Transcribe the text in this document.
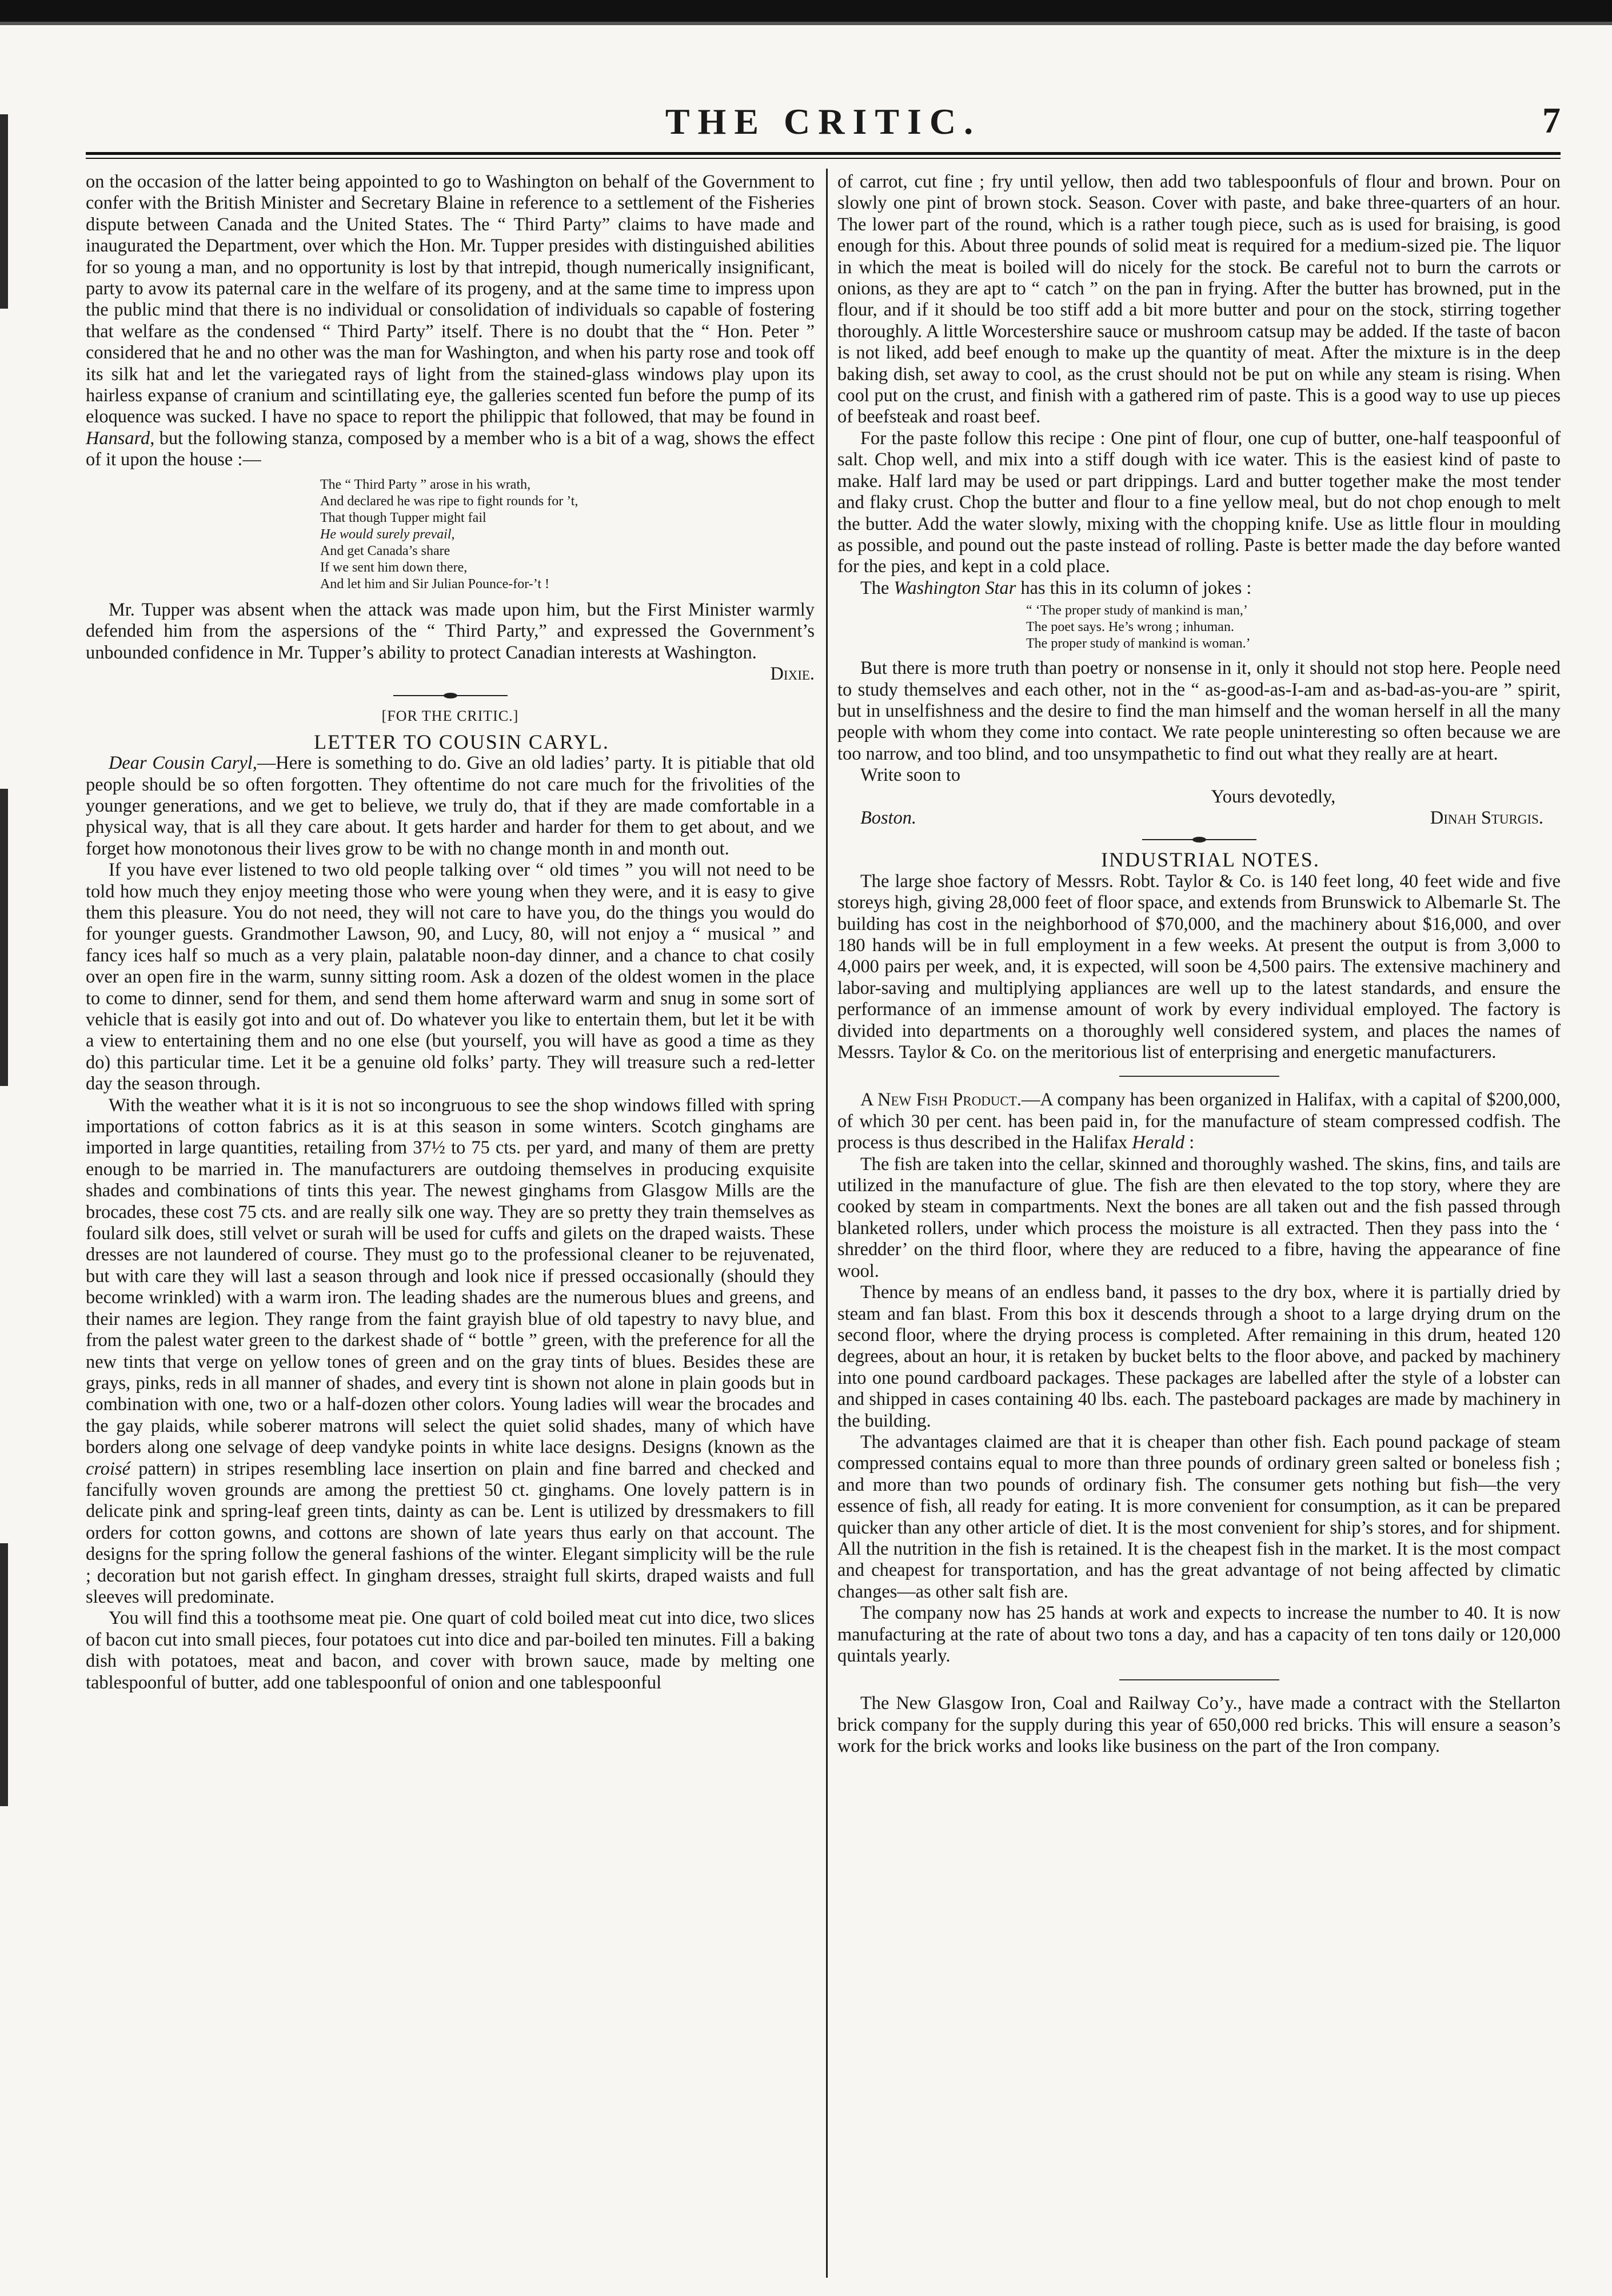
THE CRITIC.	7

on the occasion of the latter being appointed to go to Washington on behalf of the Government to confer with the British Minister and Secretary Blaine in reference to a settlement of the Fisheries dispute between Canada and the United States. The “ Third Party” claims to have made and inaugurated the Department, over which the Hon. Mr. Tupper presides with distinguished abilities for so young a man, and no opportunity is lost by that intrepid, though numerically insignificant, party to avow its paternal care in the welfare of its progeny, and at the same time to impress upon the public mind that there is no individual or consolidation of individuals so capable of fostering that welfare as the condensed “ Third Party” itself. There is no doubt that the “ Hon. Peter ” considered that he and no other was the man for Washington, and when his party rose and took off its silk hat and let the variegated rays of light from the stained-glass windows play upon its hairless expanse of cranium and scintillating eye, the galleries scented fun before the pump of its eloquence was sucked. I have no space to report the philippic that followed, that may be found in Hansard, but the following stanza, composed by a member who is a bit of a wag, shows the effect of it upon the house :—

The “ Third Party ” arose in his wrath,
And declared he was ripe to fight rounds for ’t,
That though Tupper might fail
He would surely prevail,
And get Canada’s share
If we sent him down there,
And let him and Sir Julian Pounce-for-’t !

Mr. Tupper was absent when the attack was made upon him, but the First Minister warmly defended him from the aspersions of the “ Third Party,” and expressed the Government’s unbounded confidence in Mr. Tupper’s ability to protect Canadian interests at Washington.

Dixie.

[FOR THE CRITIC.]

LETTER TO COUSIN CARYL.

Dear Cousin Caryl,—Here is something to do. Give an old ladies’ party. It is pitiable that old people should be so often forgotten. They oftentime do not care much for the frivolities of the younger generations, and we get to believe, we truly do, that if they are made comfortable in a physical way, that is all they care about. It gets harder and harder for them to get about, and we forget how monotonous their lives grow to be with no change month in and month out.

If you have ever listened to two old people talking over “ old times ” you will not need to be told how much they enjoy meeting those who were young when they were, and it is easy to give them this pleasure. You do not need, they will not care to have you, do the things you would do for younger guests. Grandmother Lawson, 90, and Lucy, 80, will not enjoy a “ musical ” and fancy ices half so much as a very plain, palatable noon-day dinner, and a chance to chat cosily over an open fire in the warm, sunny sitting room. Ask a dozen of the oldest women in the place to come to dinner, send for them, and send them home afterward warm and snug in some sort of vehicle that is easily got into and out of. Do whatever you like to entertain them, but let it be with a view to entertaining them and no one else (but yourself, you will have as good a time as they do) this particular time. Let it be a genuine old folks’ party. They will treasure such a red-letter day the season through.

With the weather what it is it is not so incongruous to see the shop windows filled with spring importations of cotton fabrics as it is at this season in some winters. Scotch ginghams are imported in large quantities, retailing from 37½ to 75 cts. per yard, and many of them are pretty enough to be married in. The manufacturers are outdoing themselves in producing exquisite shades and combinations of tints this year. The newest ginghams from Glasgow Mills are the brocades, these cost 75 cts. and are really silk one way. They are so pretty they train themselves as foulard silk does, still velvet or surah will be used for cuffs and gilets on the draped waists. These dresses are not laundered of course. They must go to the professional cleaner to be rejuvenated, but with care they will last a season through and look nice if pressed occasionally (should they become wrinkled) with a warm iron. The leading shades are the numerous blues and greens, and their names are legion. They range from the faint grayish blue of old tapestry to navy blue, and from the palest water green to the darkest shade of “ bottle ” green, with the preference for all the new tints that verge on yellow tones of green and on the gray tints of blues. Besides these are grays, pinks, reds in all manner of shades, and every tint is shown not alone in plain goods but in combination with one, two or a half-dozen other colors. Young ladies will wear the brocades and the gay plaids, while soberer matrons will select the quiet solid shades, many of which have borders along one selvage of deep vandyke points in white lace designs. Designs (known as the croisé pattern) in stripes resembling lace insertion on plain and fine barred and checked and fancifully woven grounds are among the prettiest 50 ct. ginghams. One lovely pattern is in delicate pink and spring-leaf green tints, dainty as can be. Lent is utilized by dressmakers to fill orders for cotton gowns, and cottons are shown of late years thus early on that account. The designs for the spring follow the general fashions of the winter. Elegant simplicity will be the rule ; decoration but not garish effect. In gingham dresses, straight full skirts, draped waists and full sleeves will predominate.

You will find this a toothsome meat pie. One quart of cold boiled meat cut into dice, two slices of bacon cut into small pieces, four potatoes cut into dice and par-boiled ten minutes. Fill a baking dish with potatoes, meat and bacon, and cover with brown sauce, made by melting one tablespoonful of butter, add one tablespoonful of onion and one tablespoonful

of carrot, cut fine ; fry until yellow, then add two tablespoonfuls of flour and brown. Pour on slowly one pint of brown stock. Season. Cover with paste, and bake three-quarters of an hour. The lower part of the round, which is a rather tough piece, such as is used for braising, is good enough for this. About three pounds of solid meat is required for a medium-sized pie. The liquor in which the meat is boiled will do nicely for the stock. Be careful not to burn the carrots or onions, as they are apt to “ catch ” on the pan in frying. After the butter has browned, put in the flour, and if it should be too stiff add a bit more butter and pour on the stock, stirring together thoroughly. A little Worcestershire sauce or mushroom catsup may be added. If the taste of bacon is not liked, add beef enough to make up the quantity of meat. After the mixture is in the deep baking dish, set away to cool, as the crust should not be put on while any steam is rising. When cool put on the crust, and finish with a gathered rim of paste. This is a good way to use up pieces of beefsteak and roast beef.

For the paste follow this recipe : One pint of flour, one cup of butter, one-half teaspoonful of salt. Chop well, and mix into a stiff dough with ice water. This is the easiest kind of paste to make. Half lard may be used or part drippings. Lard and butter together make the most tender and flaky crust. Chop the butter and flour to a fine yellow meal, but do not chop enough to melt the butter. Add the water slowly, mixing with the chopping knife. Use as little flour in moulding as possible, and pound out the paste instead of rolling. Paste is better made the day before wanted for the pies, and kept in a cold place.

The Washington Star has this in its column of jokes :

“ ‘The proper study of mankind is man,’
The poet says. He’s wrong ; inhuman.
The proper study of mankind is woman.’

But there is more truth than poetry or nonsense in it, only it should not stop here. People need to study themselves and each other, not in the “ as-good-as-I-am and as-bad-as-you-are ” spirit, but in unselfishness and the desire to find the man himself and the woman herself in all the many people with whom they come into contact. We rate people uninteresting so often because we are too narrow, and too blind, and too unsympathetic to find out what they really are at heart.

Write soon to

Yours devotedly,

Boston.	Dinah Sturgis.

INDUSTRIAL NOTES.

The large shoe factory of Messrs. Robt. Taylor & Co. is 140 feet long, 40 feet wide and five storeys high, giving 28,000 feet of floor space, and extends from Brunswick to Albemarle St. The building has cost in the neighborhood of $70,000, and the machinery about $16,000, and over 180 hands will be in full employment in a few weeks. At present the output is from 3,000 to 4,000 pairs per week, and, it is expected, will soon be 4,500 pairs. The extensive machinery and labor-saving and multiplying appliances are well up to the latest standards, and ensure the performance of an immense amount of work by every individual employed. The factory is divided into departments on a thoroughly well considered system, and places the names of Messrs. Taylor & Co. on the meritorious list of enterprising and energetic manufacturers.

A New Fish Product.—A company has been organized in Halifax, with a capital of $200,000, of which 30 per cent. has been paid in, for the manufacture of steam compressed codfish. The process is thus described in the Halifax Herald :

The fish are taken into the cellar, skinned and thoroughly washed. The skins, fins, and tails are utilized in the manufacture of glue. The fish are then elevated to the top story, where they are cooked by steam in compartments. Next the bones are all taken out and the fish passed through blanketed rollers, under which process the moisture is all extracted. Then they pass into the ‘ shredder’ on the third floor, where they are reduced to a fibre, having the appearance of fine wool.

Thence by means of an endless band, it passes to the dry box, where it is partially dried by steam and fan blast. From this box it descends through a shoot to a large drying drum on the second floor, where the drying process is completed. After remaining in this drum, heated 120 degrees, about an hour, it is retaken by bucket belts to the floor above, and packed by machinery into one pound cardboard packages. These packages are labelled after the style of a lobster can and shipped in cases containing 40 lbs. each. The pasteboard packages are made by machinery in the building.

The advantages claimed are that it is cheaper than other fish. Each pound package of steam compressed contains equal to more than three pounds of ordinary green salted or boneless fish ; and more than two pounds of ordinary fish. The consumer gets nothing but fish—the very essence of fish, all ready for eating. It is more convenient for consumption, as it can be prepared quicker than any other article of diet. It is the most convenient for ship’s stores, and for shipment. All the nutrition in the fish is retained. It is the cheapest fish in the market. It is the most compact and cheapest for transportation, and has the great advantage of not being affected by climatic changes—as other salt fish are.

The company now has 25 hands at work and expects to increase the number to 40. It is now manufacturing at the rate of about two tons a day, and has a capacity of ten tons daily or 120,000 quintals yearly.

The New Glasgow Iron, Coal and Railway Co’y., have made a contract with the Stellarton brick company for the supply during this year of 650,000 red bricks. This will ensure a season’s work for the brick works and looks like business on the part of the Iron company.
